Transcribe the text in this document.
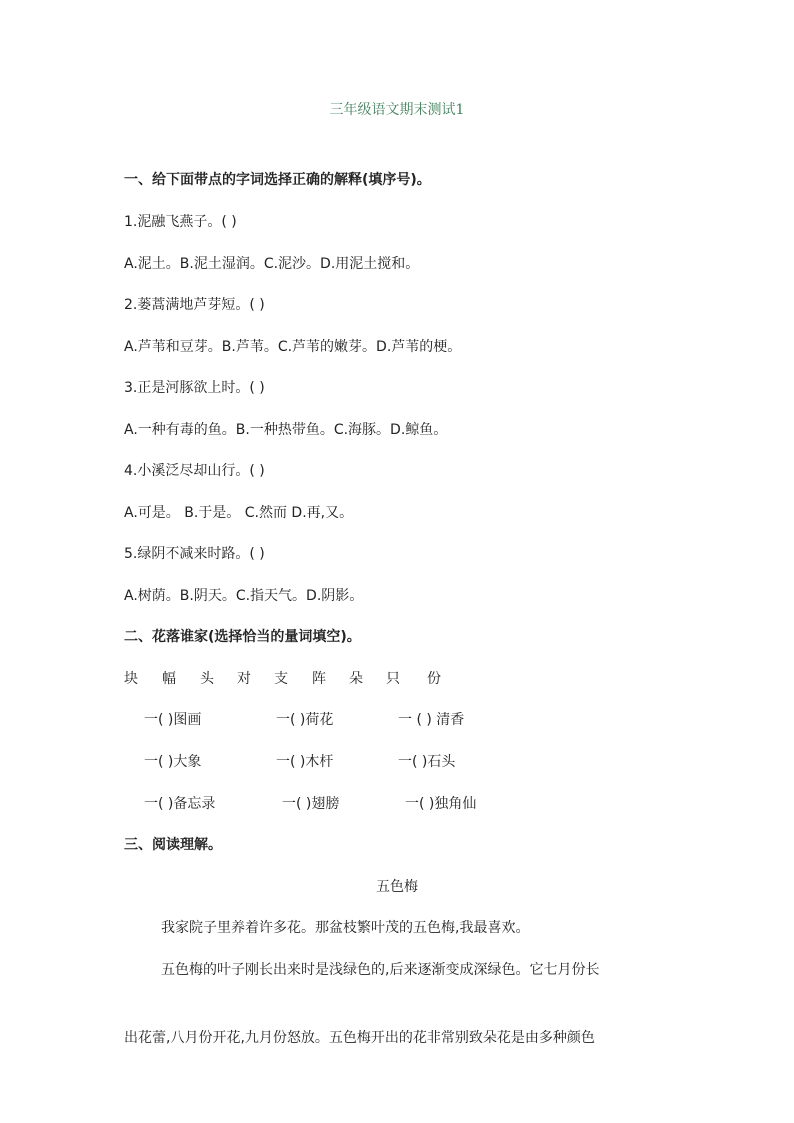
三年级语文期末测试1
一、给下面带点的字词选择正确的解释(填序号)。
1.泥融飞燕子。( )
A.泥土。B.泥土湿润。C.泥沙。D.用泥土搅和。
2.蒌蒿满地芦芽短。( )
A.芦苇和豆芽。B.芦苇。C.芦苇的嫩芽。D.芦苇的梗。
3.正是河豚欲上时。( )
A.一种有毒的鱼。B.一种热带鱼。C.海豚。D.鲸鱼。
4.小溪泛尽却山行。( )
A.可是。 B.于是。 C.然而 D.再,又。
5.绿阴不减来时路。( )
A.树荫。B.阴天。C.指天气。D.阴影。
二、花落谁家(选择恰当的量词填空)。
块 幅 头 对 支 阵 朵 只 份
一( )图画	一( )荷花	一 ( ) 清香
一( )大象	一( )木杆	一( )石头
一( )备忘录	一( )翅膀	一( )独角仙
三、阅读理解。
五色梅
我家院子里养着许多花。那盆枝繁叶茂的五色梅,我最喜欢。
五色梅的叶子刚长出来时是浅绿色的,后来逐渐变成深绿色。它七月份长
出花蕾,八月份开花,九月份怒放。五色梅开出的花非常别致朵花是由多种颜色
